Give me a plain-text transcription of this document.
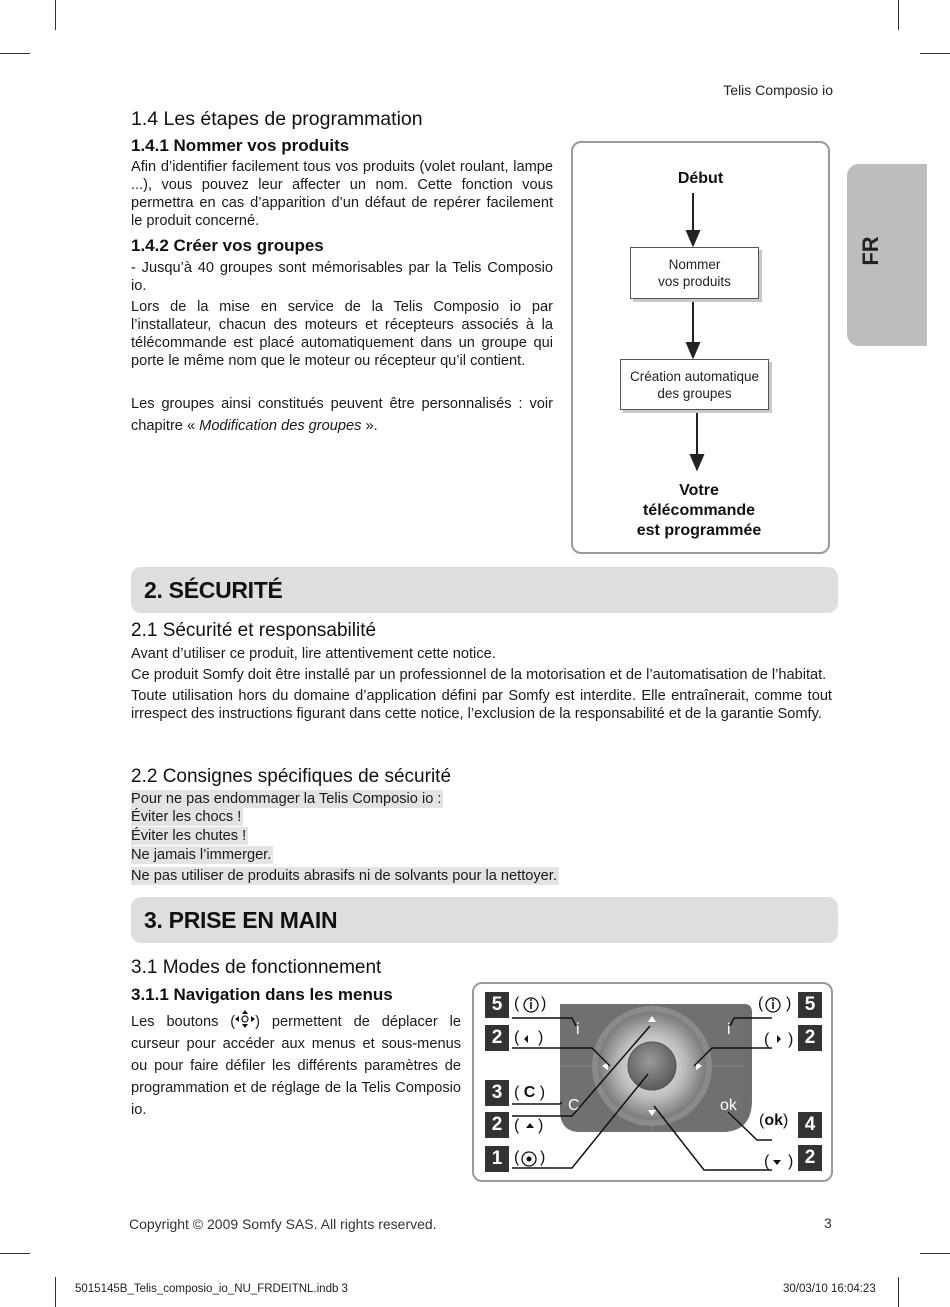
Telis Composio io
1.4 Les étapes de programmation
1.4.1 Nommer vos produits

Afin d’identifier facilement tous vos produits (volet roulant, lampe ...), vous pouvez leur affecter un nom. Cette fonction vous permettra en cas d’apparition d’un défaut de repérer facilement le produit concerné.

1.4.2 Créer vos groupes

- Jusqu’à 40 groupes sont mémorisables par la Telis Composio io.

Lors de la mise en service de la Telis Composio io par l’installateur, chacun des moteurs et récepteurs associés à la télécommande est placé automatiquement dans un groupe qui porte le même nom que le moteur ou récepteur qu’il contient.

Les groupes ainsi constitués peuvent être personnalisés : voir chapitre « Modification des groupes ».

Début
Nommer
vos produits
Création automatique
des groupes
Votre
télécommande
est programmée
FR
2. SÉCURITÉ
2.1 Sécurité et responsabilité

Avant d’utiliser ce produit, lire attentivement cette notice.

Ce produit Somfy doit être installé par un professionnel de la motorisation et de l’automatisation de l’habitat.

Toute utilisation hors du domaine d’application défini par Somfy est interdite. Elle entraînerait, comme tout irrespect des instructions figurant dans cette notice, l’exclusion de la responsabilité et de la garantie Somfy.

2.2 Consignes spécifiques de sécurité
Pour ne pas endommager la Telis Composio io :
Éviter les chocs !
Éviter les chutes !
Ne jamais l’immerger.
Ne pas utiliser de produits abrasifs ni de solvants pour la nettoyer.
3. PRISE EN MAIN
3.1 Modes de fonctionnement
3.1.1 Navigation dans les menus

Les boutons ( ) permettent de déplacer le curseur pour accéder aux menus et sous-menus ou pour faire défiler les différents paramètres de programmation et de réglage de la Telis Composio io.

i	i
C	ok
5 ( )
2 ( )
3 ( C )
2 ( )
1 ( )
5
( )
2
( )
4
(ok)
2
( )
Copyright © 2009 Somfy SAS. All rights reserved.	3
5015145B_Telis_composio_io_NU_FRDEITNL.indb 3	30/03/10 16:04:23
